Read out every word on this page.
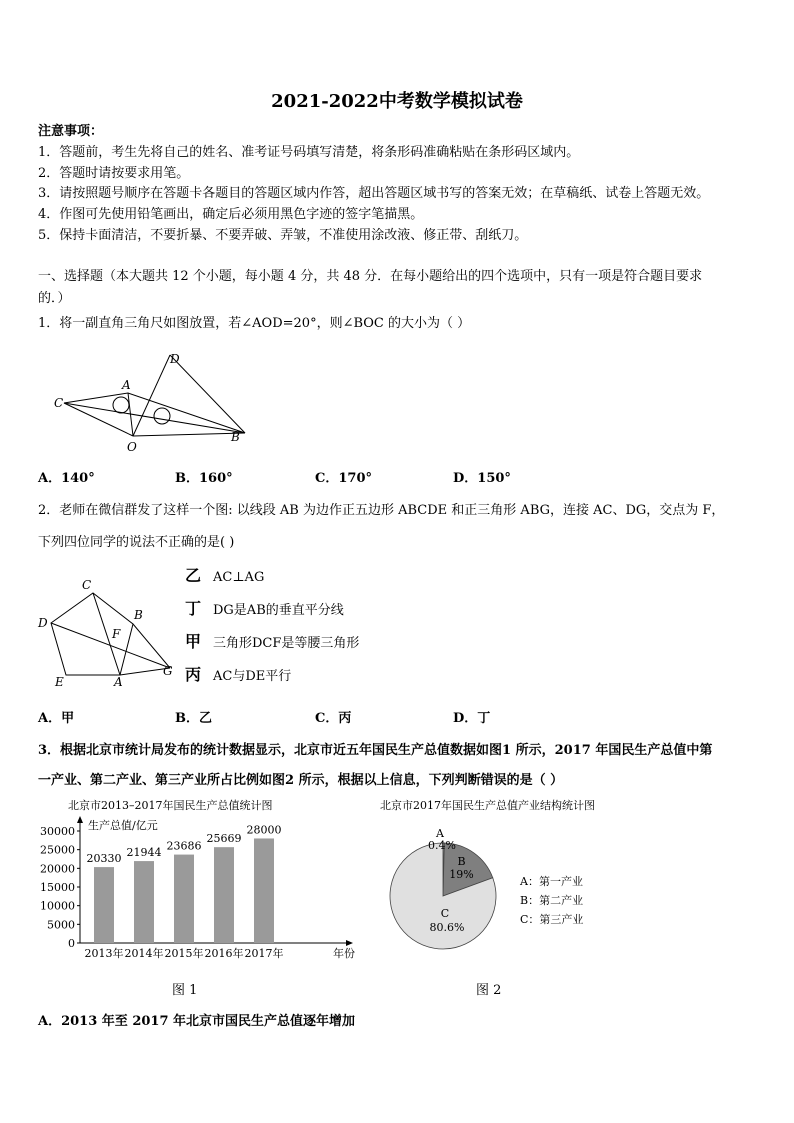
2021-2022中考数学模拟试卷
注意事项：
1．答题前，考生先将自己的姓名、准考证号码填写清楚，将条形码准确粘贴在条形码区域内。
2．答题时请按要求用笔。
3．请按照题号顺序在答题卡各题目的答题区域内作答，超出答题区域书写的答案无效；在草稿纸、试卷上答题无效。
4．作图可先使用铅笔画出，确定后必须用黑色字迹的签字笔描黑。
5．保持卡面清洁，不要折暴、不要弄破、弄皱，不准使用涂改液、修正带、刮纸刀。
一、选择题（本大题共 12 个小题，每小题 4 分，共 48 分．在每小题给出的四个选项中，只有一项是符合题目要求
的．）
1．将一副直角三角尺如图放置，若∠AOD=20°，则∠BOC 的大小为（ ）
C
A
D
O
B
A．140°	B．160°	C．170°	D．150°
2．老师在微信群发了这样一个图: 以线段 AB 为边作正五边形 ABCDE 和正三角形 ABG，连接 AC、DG，交点为 F，
下列四位同学的说法不正确的是( )
C
B
D
F
G
E	A
乙 AC⊥AG
丁 DG是AB的垂直平分线
甲 三角形DCF是等腰三角形
丙 AC与DE平行
A．甲	B．乙	C．丙	D．丁
3．根据北京市统计局发布的统计数据显示，北京市近五年国民生产总值数据如图1 所示，2017 年国民生产总值中第
一产业、第二产业、第三产业所占比例如图2 所示，根据以上信息，下列判断错误的是（ ）
北京市2013–2017年国民生产总值统计图
生产总值/亿元
年份
0
5000
10000
15000
20000
25000
30000
20330
2013年
21944
2014年
23686
2015年
25669
2016年
28000
2017年
图 1
北京市2017年国民生产总值产业结构统计图
A
0.4%
B
19%
C
80.6%
A：第一产业
B：第二产业
C：第三产业
图 2
A．2013 年至 2017 年北京市国民生产总值逐年增加
